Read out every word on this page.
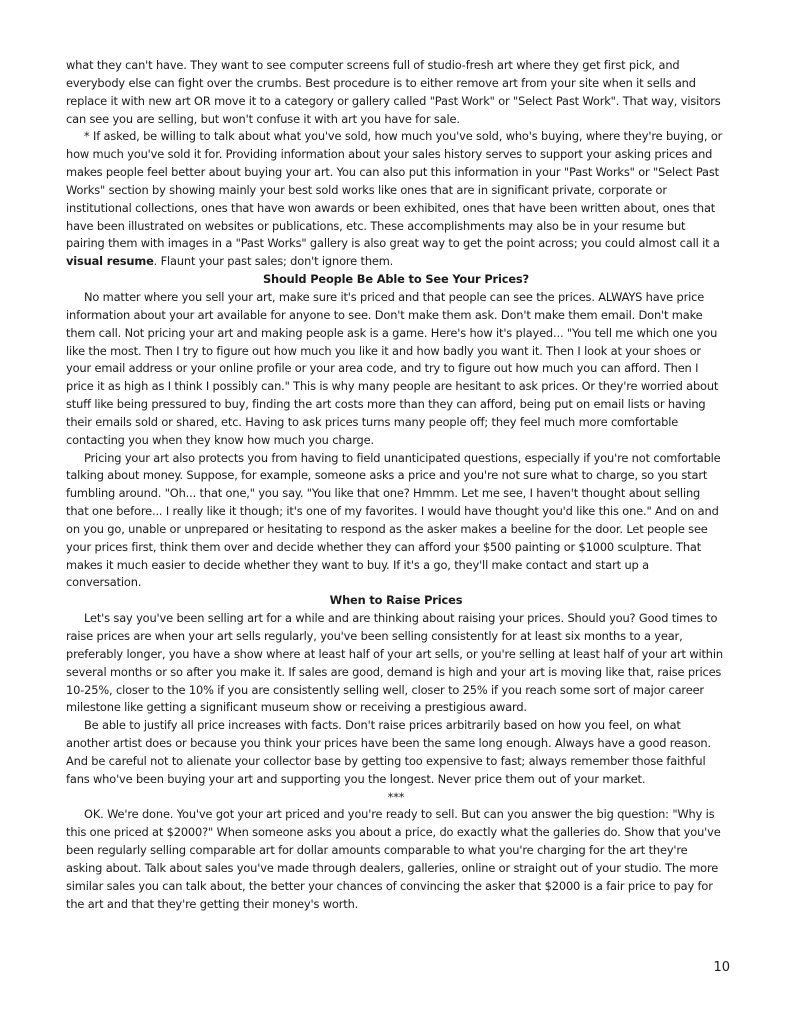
what they can't have. They want to see computer screens full of studio-fresh art where they get first pick, and everybody else can fight over the crumbs. Best procedure is to either remove art from your site when it sells and replace it with new art OR move it to a category or gallery called "Past Work" or "Select Past Work". That way, visitors can see you are selling, but won't confuse it with art you have for sale.

* If asked, be willing to talk about what you've sold, how much you've sold, who's buying, where they're buying, or how much you've sold it for. Providing information about your sales history serves to support your asking prices and makes people feel better about buying your art. You can also put this information in your "Past Works" or "Select Past Works" section by showing mainly your best sold works like ones that are in significant private, corporate or institutional collections, ones that have won awards or been exhibited, ones that have been written about, ones that have been illustrated on websites or publications, etc. These accomplishments may also be in your resume but pairing them with images in a "Past Works" gallery is also great way to get the point across; you could almost call it a visual resume. Flaunt your past sales; don't ignore them.

Should People Be Able to See Your Prices?

No matter where you sell your art, make sure it's priced and that people can see the prices. ALWAYS have price information about your art available for anyone to see. Don't make them ask. Don't make them email. Don't make them call. Not pricing your art and making people ask is a game. Here's how it's played... "You tell me which one you like the most. Then I try to figure out how much you like it and how badly you want it. Then I look at your shoes or your email address or your online profile or your area code, and try to figure out how much you can afford. Then I price it as high as I think I possibly can." This is why many people are hesitant to ask prices. Or they're worried about stuff like being pressured to buy, finding the art costs more than they can afford, being put on email lists or having their emails sold or shared, etc. Having to ask prices turns many people off; they feel much more comfortable contacting you when they know how much you charge.

Pricing your art also protects you from having to field unanticipated questions, especially if you're not comfortable talking about money. Suppose, for example, someone asks a price and you're not sure what to charge, so you start fumbling around. "Oh... that one," you say. "You like that one? Hmmm. Let me see, I haven't thought about selling that one before... I really like it though; it's one of my favorites. I would have thought you'd like this one." And on and on you go, unable or unprepared or hesitating to respond as the asker makes a beeline for the door. Let people see your prices first, think them over and decide whether they can afford your $500 painting or $1000 sculpture. That makes it much easier to decide whether they want to buy. If it's a go, they'll make contact and start up a conversation.

When to Raise Prices

Let's say you've been selling art for a while and are thinking about raising your prices. Should you? Good times to raise prices are when your art sells regularly, you've been selling consistently for at least six months to a year, preferably longer, you have a show where at least half of your art sells, or you're selling at least half of your art within several months or so after you make it. If sales are good, demand is high and your art is moving like that, raise prices 10-25%, closer to the 10% if you are consistently selling well, closer to 25% if you reach some sort of major career milestone like getting a significant museum show or receiving a prestigious award.

Be able to justify all price increases with facts. Don't raise prices arbitrarily based on how you feel, on what another artist does or because you think your prices have been the same long enough. Always have a good reason. And be careful not to alienate your collector base by getting too expensive to fast; always remember those faithful fans who've been buying your art and supporting you the longest. Never price them out of your market.

***

OK. We're done. You've got your art priced and you're ready to sell. But can you answer the big question: "Why is this one priced at $2000?" When someone asks you about a price, do exactly what the galleries do. Show that you've been regularly selling comparable art for dollar amounts comparable to what you're charging for the art they're asking about. Talk about sales you've made through dealers, galleries, online or straight out of your studio. The more similar sales you can talk about, the better your chances of convincing the asker that $2000 is a fair price to pay for the art and that they're getting their money's worth.

10
